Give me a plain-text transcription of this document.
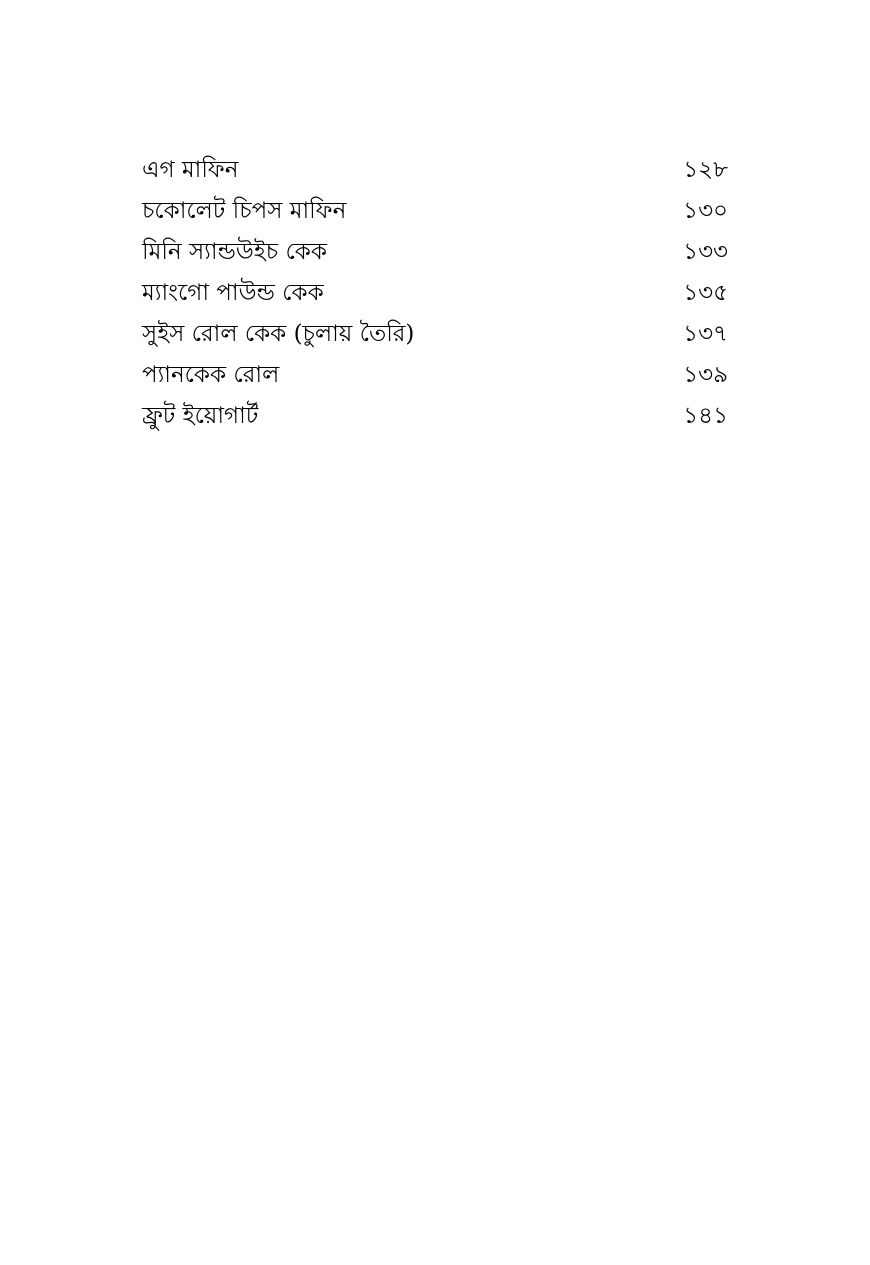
এগ মাফিন	১২৮
চকোলেট চিপস মাফিন	১৩০
মিনি স্যান্ডউইচ কেক	১৩৩
ম্যাংগো পাউন্ড কেক	১৩৫
সুইস রোল কেক (চুলায় তৈরি)	১৩৭
প্যানকেক রোল	১৩৯
ফ্রুট ইয়োগার্ট	১৪১
